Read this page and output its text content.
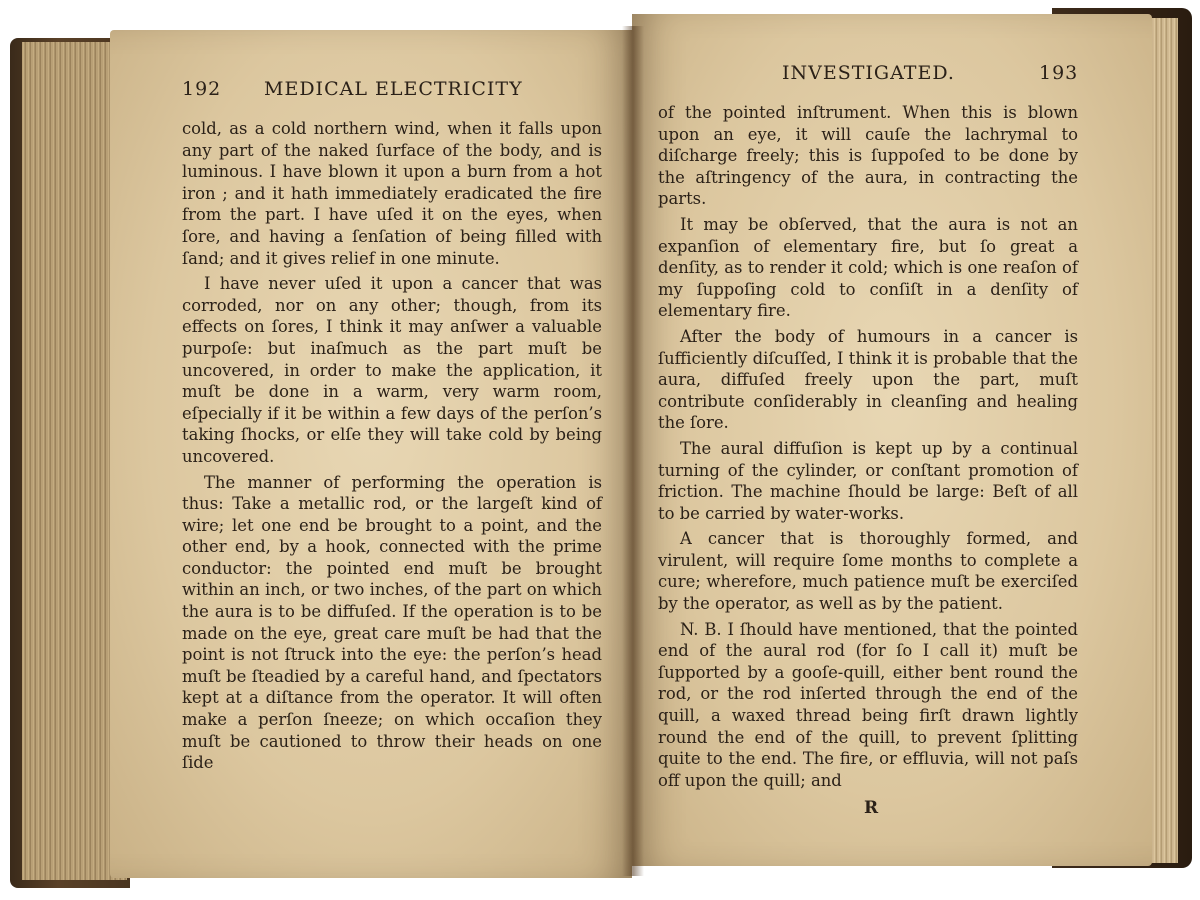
192 MEDICAL ELECTRICITY

cold, as a cold northern wind, when it falls upon any part of the naked ſurface of the body, and is luminous. I have blown it upon a burn from a hot iron ; and it hath immediately eradicated the fire from the part. I have uſed it on the eyes, when ſore, and having a ſenſation of being filled with ſand; and it gives relief in one minute.

I have never uſed it upon a cancer that was corroded, nor on any other; though, from its effects on ſores, I think it may anſwer a valuable purpoſe: but inaſmuch as the part muſt be uncovered, in order to make the application, it muſt be done in a warm, very warm room, eſpecially if it be within a few days of the perſon’s taking ſhocks, or elſe they will take cold by being uncovered.

The manner of performing the operation is thus: Take a metallic rod, or the largeſt kind of wire; let one end be brought to a point, and the other end, by a hook, connected with the prime conductor: the pointed end muſt be brought within an inch, or two inches, of the part on which the aura is to be diffuſed. If the operation is to be made on the eye, great care muſt be had that the point is not ſtruck into the eye: the perſon’s head muſt be ſteadied by a careful hand, and ſpectators kept at a diſtance from the operator. It will often make a perſon ſneeze; on which occaſion they muſt be cautioned to throw their heads on one ſide

INVESTIGATED.	193

of the pointed inſtrument. When this is blown upon an eye, it will cauſe the lachrymal to diſcharge freely; this is ſuppoſed to be done by the aſtringency of the aura, in contracting the parts.

It may be obſerved, that the aura is not an expanſion of elementary fire, but ſo great a denſity, as to render it cold; which is one reaſon of my ſuppoſing cold to conſiſt in a denſity of elementary fire.

After the body of humours in a cancer is ſufficiently diſcuſſed, I think it is probable that the aura, diffuſed freely upon the part, muſt contribute conſiderably in cleanſing and healing the ſore.

The aural diffuſion is kept up by a continual turning of the cylinder, or conſtant promotion of friction. The machine ſhould be large: Beſt of all to be carried by water-works.

A cancer that is thoroughly formed, and virulent, will require ſome months to complete a cure; wherefore, much patience muſt be exerciſed by the operator, as well as by the patient.

N. B. I ſhould have mentioned, that the pointed end of the aural rod (for ſo I call it) muſt be ſupported by a gooſe-quill, either bent round the rod, or the rod inſerted through the end of the quill, a waxed thread being firſt drawn lightly round the end of the quill, to prevent ſplitting quite to the end. The fire, or effluvia, will not paſs off upon the quill; and

R
